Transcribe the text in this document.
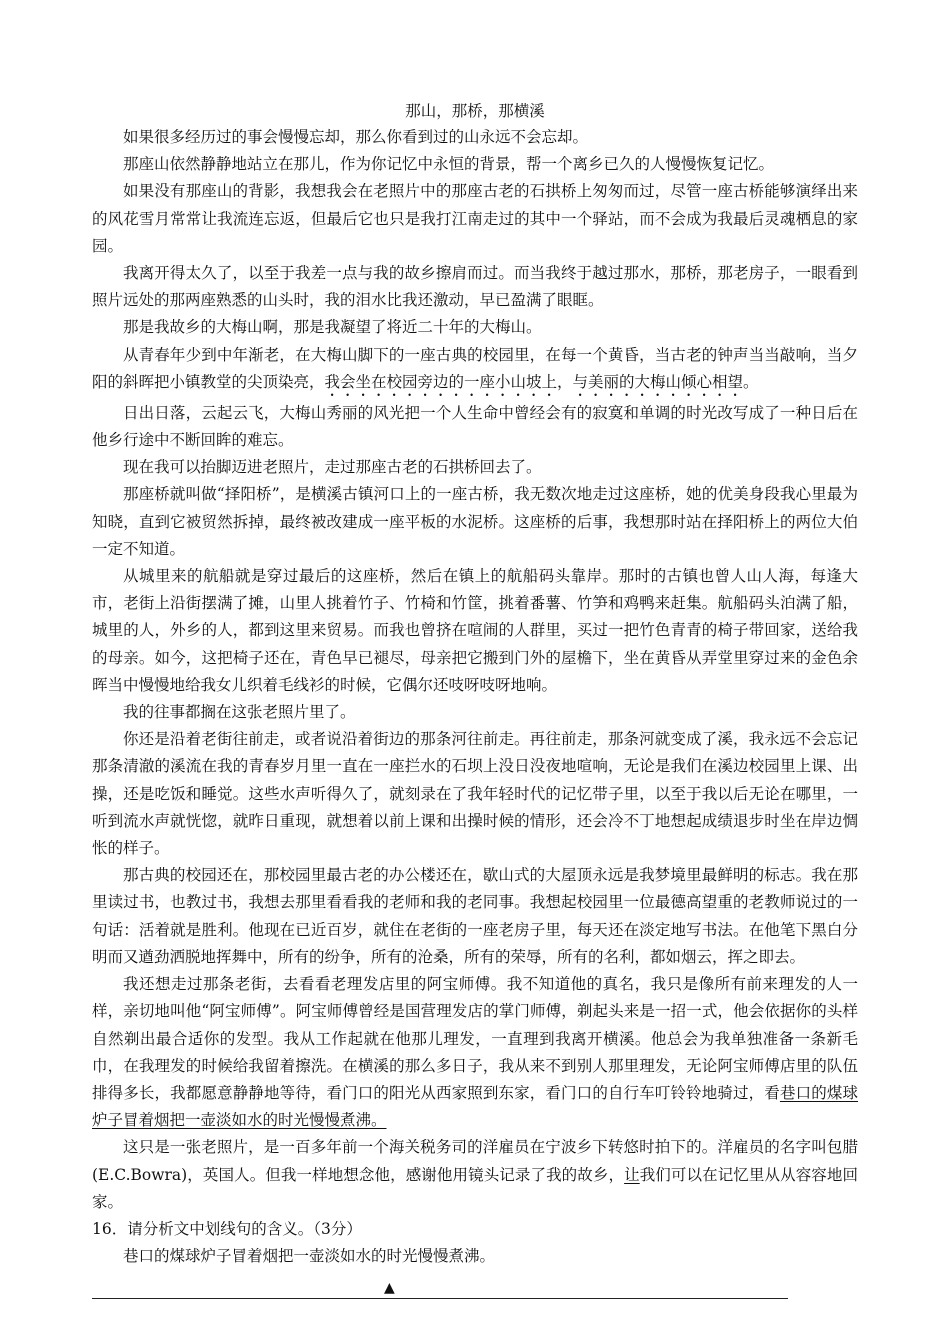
那山，那桥，那横溪

如果很多经历过的事会慢慢忘却，那么你看到过的山永远不会忘却。

那座山依然静静地站立在那儿，作为你记忆中永恒的背景，帮一个离乡已久的人慢慢恢复记忆。

如果没有那座山的背影，我想我会在老照片中的那座古老的石拱桥上匆匆而过，尽管一座古桥能够演绎出来的风花雪月常常让我流连忘返，但最后它也只是我打江南走过的其中一个驿站，而不会成为我最后灵魂栖息的家园。

我离开得太久了，以至于我差一点与我的故乡擦肩而过。而当我终于越过那水，那桥，那老房子，一眼看到照片远处的那两座熟悉的山头时，我的泪水比我还激动，早已盈满了眼眶。

那是我故乡的大梅山啊，那是我凝望了将近二十年的大梅山。

从青春年少到中年渐老，在大梅山脚下的一座古典的校园里，在每一个黄昏，当古老的钟声当当敲响，当夕阳的斜晖把小镇教堂的尖顶染亮，我会坐在校园旁边的一座小山坡上，与美丽的大梅山倾心相望。

日出日落，云起云飞，大梅山秀丽的风光把一个人生命中曾经会有的寂寞和单调的时光改写成了一种日后在他乡行途中不断回眸的难忘。

现在我可以抬脚迈进老照片，走过那座古老的石拱桥回去了。

那座桥就叫做“择阳桥”，是横溪古镇河口上的一座古桥，我无数次地走过这座桥，她的优美身段我心里最为知晓，直到它被贸然拆掉，最终被改建成一座平板的水泥桥。这座桥的后事，我想那时站在择阳桥上的两位大伯一定不知道。

从城里来的航船就是穿过最后的这座桥，然后在镇上的航船码头靠岸。那时的古镇也曾人山人海，每逢大市，老街上沿街摆满了摊，山里人挑着竹子、竹椅和竹筐，挑着番薯、竹笋和鸡鸭来赶集。航船码头泊满了船，城里的人，外乡的人，都到这里来贸易。而我也曾挤在喧闹的人群里，买过一把竹色青青的椅子带回家，送给我的母亲。如今，这把椅子还在，青色早已褪尽，母亲把它搬到门外的屋檐下，坐在黄昏从弄堂里穿过来的金色余晖当中慢慢地给我女儿织着毛线衫的时候，它偶尔还吱呀吱呀地响。

我的往事都搁在这张老照片里了。

你还是沿着老街往前走，或者说沿着街边的那条河往前走。再往前走，那条河就变成了溪，我永远不会忘记那条清澈的溪流在我的青春岁月里一直在一座拦水的石坝上没日没夜地喧响，无论是我们在溪边校园里上课、出操，还是吃饭和睡觉。这些水声听得久了，就刻录在了我年轻时代的记忆带子里，以至于我以后无论在哪里，一听到流水声就恍惚，就昨日重现，就想着以前上课和出操时候的情形，还会冷不丁地想起成绩退步时坐在岸边惆怅的样子。

那古典的校园还在，那校园里最古老的办公楼还在，歇山式的大屋顶永远是我梦境里最鲜明的标志。我在那里读过书，也教过书，我想去那里看看我的老师和我的老同事。我想起校园里一位最德高望重的老教师说过的一句话：活着就是胜利。他现在已近百岁，就住在老街的一座老房子里，每天还在淡定地写书法。在他笔下黑白分明而又遒劲洒脱地挥舞中，所有的纷争，所有的沧桑，所有的荣辱，所有的名利，都如烟云，挥之即去。

我还想走过那条老街，去看看老理发店里的阿宝师傅。我不知道他的真名，我只是像所有前来理发的人一样，亲切地叫他“阿宝师傅”。阿宝师傅曾经是国营理发店的掌门师傅，剃起头来是一招一式，他会依据你的头样自然剃出最合适你的发型。我从工作起就在他那儿理发，一直理到我离开横溪。他总会为我单独准备一条新毛巾，在我理发的时候给我留着擦洗。在横溪的那么多日子，我从来不到别人那里理发，无论阿宝师傅店里的队伍排得多长，我都愿意静静地等待，看门口的阳光从西家照到东家，看门口的自行车叮铃铃地骑过，看巷口的煤球炉子冒着烟把一壶淡如水的时光慢慢煮沸。

这只是一张老照片，是一百多年前一个海关税务司的洋雇员在宁波乡下转悠时拍下的。洋雇员的名字叫包腊(E.C.Bowra)，英国人。但我一样地想念他，感谢他用镜头记录了我的故乡，让我们可以在记忆里从从容容地回家。

16．请分析文中划线句的含义。（3分）

巷口的煤球炉子冒着烟把一壶淡如水的时光慢慢煮沸。

▲
